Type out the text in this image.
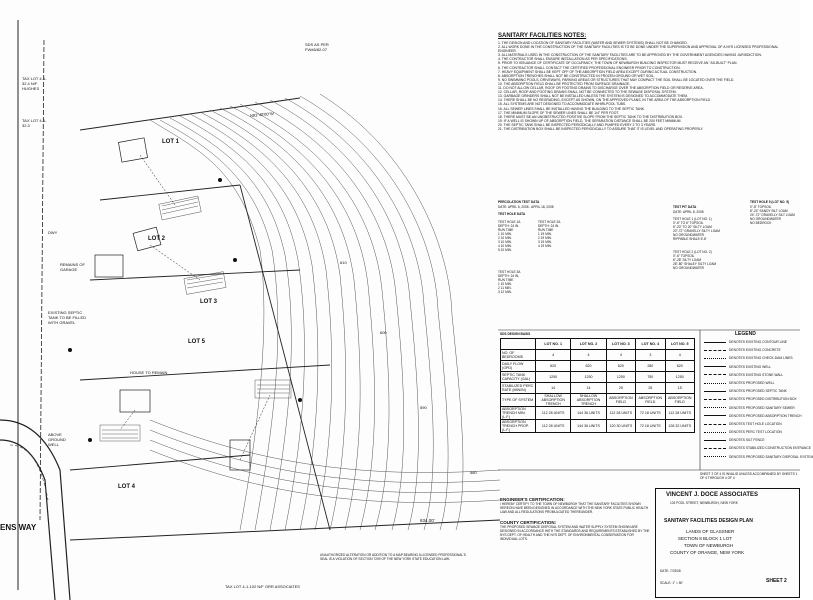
N83°48'00"W
SDS AS PER FW#6/82-07
LOT 1
LOT 2
LOT 3
LOT 4
LOT 5
REMAINS OF GARAGE
ENS WAY
634.00'
EXISTING SEPTIC TANK TO BE FILLED WITH GRAVEL
ABOVE GROUND WELL
HOUSE TO REMAIN
580
590
600
610
DWY
TAX LOT 4-1-32.4 N/F HUGHES
TAX LOT 4-1-32.3
TAX LOT 4-1-102 N/F ORR ASSOCIATES
UNAUTHORIZED ALTERATION OR ADDITION TO A MAP BEARING A LICENSED PROFESSIONAL'S SEAL IS A VIOLATION OF SECTION 7209 OF THE NEW YORK STATE EDUCATION LAW.
SANITARY FACILITIES NOTES:
1. THE DESIGN AND LOCATION OF SANITARY FACILITIES (WATER AND SEWER SYSTEMS) SHALL NOT BE CHANGED.
2. ALL WORK DONE IN THE CONSTRUCTION OF THE SANITARY FACILITIES IS TO BE DONE UNDER THE SUPERVISION AND APPROVAL OF A NYS LICENSED PROFESSIONAL ENGINEER.
3. ALL MATERIALS USED IN THE CONSTRUCTION OF THE SANITARY FACILITIES ARE TO BE APPROVED BY THE GOVERNMENT AGENCIES HAVING JURISDICTION.
4. THE CONTRACTOR SHALL ENSURE INSTALLATION AS PER SPECIFICATIONS.
5. PRIOR TO ISSUANCE OF CERTIFICATE OF OCCUPANCY, THE TOWN OF NEWBURGH BUILDING INSPECTOR MUST RECEIVE AN "AS-BUILT" PLAN.
6. THE CONTRACTOR SHALL CONTACT THE CERTIFIED PROFESSIONAL ENGINEER PRIOR TO CONSTRUCTION.
7. HEAVY EQUIPMENT SHALL BE KEPT OFF OF THE ABSORPTION FIELD AREA EXCEPT DURING ACTUAL CONSTRUCTION.
8. ABSORPTION TRENCHES SHALL NOT BE CONSTRUCTED IN FROZEN GROUND OR WET SOIL.
9. NO SWIMMING POOLS, DRIVEWAYS, PARKING AREAS OR STRUCTURES THAT MAY COMPACT THE SOIL SHALL BE LOCATED OVER THE FIELD.
10. THE ABSORPTION FIELD SHALL BE PROTECTED FROM SURFACE DRAINAGE.
11. DO NOT ALLOW CELLAR, ROOF OR FOOTING DRAINS TO DISCHARGE OVER THE ABSORPTION FIELD OR RESERVE AREA.
12. CELLAR, ROOF AND FOOTING DRAINS SHALL NOT BE CONNECTED TO THE SEWAGE DISPOSAL SYSTEM.
13. GARBAGE GRINDERS SHALL NOT BE INSTALLED UNLESS THE SYSTEM IS DESIGNED TO ACCOMMODATE THEM.
14. THERE SHALL BE NO REGRADING, EXCEPT AS SHOWN, ON THE APPROVED PLANS, IN THE AREA OF THE ABSORPTION FIELD.
15. ALL SYSTEMS ARE NOT DESIGNED TO ACCOMMODATE WHIRLPOOL TUBS.
16. ALL SEWER LINES SHALL BE INSTALLED HAVING THE BUILDING TO THE SEPTIC TANK.
17. THE MINIMUM SLOPE OF THE SEWER LINES SHALL BE 1/4" PER FOOT.
18. THERE MUST BE AN UNOBSTRUCTED POSITIVE SLOPE FROM THE SEPTIC TANK TO THE DISTRIBUTION BOX.
19. IF A WELL IS SHOWN UP OF ABSORPTION FIELD, THE SEPARATION DISTANCE SHALL BE 200 FEET MINIMUM.
20. THE SEPTIC TANK SHALL BE INSPECTED PERIODICALLY AND PUMPED EVERY 2 TO 3 YEARS.
21. THE DISTRIBUTION BOX SHALL BE INSPECTED PERIODICALLY TO ASSURE THAT IT IS LEVEL AND OPERATING PROPERLY.
PERCOLATION TEST DATA
DATE: APRIL 6, 2008 - APRIL 18, 2008
TEST HOLE DATA
TEST HOLE 1A
DEPTH: 24 IN.
RUN TIME
1 10 MIN.
2 10 MIN.
3 10 MIN.
4 10 MIN.
5 10 MIN.
TEST HOLE 2A
DEPTH: 24 IN.
RUN TIME
1 19 MIN.
2 19 MIN.
3 19 MIN.
4 19 MIN.
TEST HOLE 3A
DEPTH: 24 IN.
RUN TIME
1 10 MIN.
2 11 MIN.
3 12 MIN.
TEST PIT DATA
DATE: APRIL 8, 2008
TEST HOLE 1 (LOT NO. 1)
0"-6" TO 6" TOPSOIL
6"-20" TO 20" SILTY LOAM
20"-72" GRAVELLY SILTY LOAM
NO GROUNDWATER
RIPPABLE SHALE 6'-8'
TEST HOLE 2 (LOT NO. 2)
0"-6" TOPSOIL
6"-28" SILTY LOAM
28"-80" SHALEY SILTY LOAM
NO GROUNDWATER
TEST HOLE 5 (LOT NO. 5)
0"-8" TOPSOIL
8"-24" SANDY SILT LOAM
24"-72" GRAVELLY SILT LOAM
NO GROUNDWATER
NO BEDROCK
SDS DESIGN BASIS
	LOT NO. 1	LOT NO. 2	LOT NO. 3	LOT NO. 4	LOT NO. 5
NO. OF BEDROOMS	4	4	4	3	4
DAILY FLOW (GPD)	620	620	620	280	620
SEPTIC TANK CAPACITY (GAL)	1250	1250	1250	750	1250
STABILIZED PERC RATE (MIN/IN)	14	14	25	25	15
TYPE OF SYSTEM	SHALLOW ABSORPTION TRENCH	SHALLOW ABSORPTION TRENCH	ABSORPTION FIELD	ABSORPTION FIELD	ABSORPTION FIELD
ABSORPTION TRENCH MIN. (L.F.)	112 28 UNITS	144 36 UNITS	112 28 UNITS	72 18 UNITS	112 28 UNITS
ABSORPTION TRENCH PROP. (L.F.)	112 28 UNITS	144 36 UNITS	120 30 UNITS	72 18 UNITS	128 32 UNITS
LEGEND
DENOTES EXISTING CONTOUR LINE
DENOTES EXISTING CONCRETE
DENOTES EXISTING CHECK-DAM LINES
DENOTES EXISTING WELL
DENOTES EXISTING STONE WALL
DENOTES PROPOSED WELL
DENOTES PROPOSED SEPTIC TANK
DENOTES PROPOSED DISTRIBUTION BOX
DENOTES PROPOSED SANITARY SEWER
DENOTES PROPOSED ABSORPTION TRENCH
DENOTES TEST HOLE LOCATION
DENOTES PERC TEST LOCATION
DENOTES SILT FENCE
DENOTES STABILIZED CONSTRUCTION ENTRANCE
DENOTES PROPOSED SANITARY DISPOSAL SYSTEM
SHEET 2 OF 4 IS INVALID UNLESS ACCOMPANIED BY SHEETS 1 OF 4 THROUGH 4 OF 4
ENGINEER'S CERTIFICATION:
I HEREBY CERTIFY TO THE TOWN OF NEWBURGH THAT THE SANITARY FACILITIES SHOWN HEREON HAVE BEEN DESIGNED IN ACCORDANCE WITH THE NEW YORK STATE PUBLIC HEALTH LAW AND ALL REGULATIONS PROMULGATED THEREUNDER.
COUNTY CERTIFICATION:
THE PROPOSED SEWAGE DISPOSAL SYSTEM AND WATER SUPPLY SYSTEM SHOWN ARE DESIGNED IN ACCORDANCE WITH THE STANDARDS AND REQUIREMENTS ESTABLISHED BY THE NYS DEPT. OF HEALTH AND THE NYS DEPT. OF ENVIRONMENTAL CONSERVATION FOR INDIVIDUAL LOTS.
VINCENT J. DOCE ASSOCIATES
103 POOL STREET, NEWBURGH, NEW YORK
SANITARY FACILITIES DESIGN PLAN
LANDS OF GLASSNER
SECTION 8 BLOCK 1 LOT
TOWN OF NEWBURGH
COUNTY OF ORANGE, NEW YORK
DATE: 7/23/08
SCALE: 1" = 50'	SHEET 2
